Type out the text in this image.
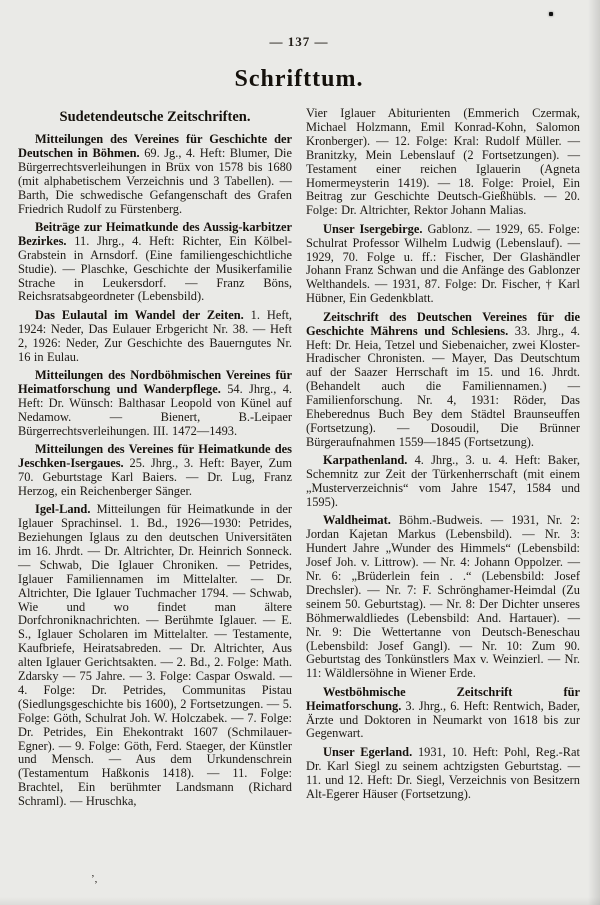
— 137 —
Schrifttum.
Sudetendeutsche Zeitschriften.

Mitteilungen des Vereines für Geschichte der Deutschen in Böhmen. 69. Jg., 4. Heft: Blumer, Die Bürgerrechtsverleihungen in Brüx von 1578 bis 1680 (mit alphabetischem Verzeichnis und 3 Tabellen). — Barth, Die schwedische Gefangenschaft des Grafen Friedrich Rudolf zu Fürstenberg.

Beiträge zur Heimatkunde des Aussig-karbitzer Bezirkes. 11. Jhrg., 4. Heft: Richter, Ein Kölbel-Grabstein in Arnsdorf. (Eine familiengeschichtliche Studie). — Plaschke, Geschichte der Musikerfamilie Strache in Leukersdorf. — Franz Böns, Reichsratsabgeordneter (Lebensbild).

Das Eulautal im Wandel der Zeiten. 1. Heft, 1924: Neder, Das Eulauer Erbgericht Nr. 38. — Heft 2, 1926: Neder, Zur Geschichte des Bauerngutes Nr. 16 in Eulau.

Mitteilungen des Nordböhmischen Vereines für Heimatforschung und Wanderpflege. 54. Jhrg., 4. Heft: Dr. Wünsch: Balthasar Leopold von Künel auf Nedamow. — Bienert, B.-Leipaer Bürgerrechtsverleihungen. III. 1472—1493.

Mitteilungen des Vereines für Heimatkunde des Jeschken-Isergaues. 25. Jhrg., 3. Heft: Bayer, Zum 70. Geburtstage Karl Baiers. — Dr. Lug, Franz Herzog, ein Reichenberger Sänger.

Igel-Land. Mitteilungen für Heimatkunde in der Iglauer Sprachinsel. 1. Bd., 1926—1930: Petrides, Beziehungen Iglaus zu den deutschen Universitäten im 16. Jhrdt. — Dr. Altrichter, Dr. Heinrich Sonneck. — Schwab, Die Iglauer Chroniken. — Petrides, Iglauer Familiennamen im Mittelalter. — Dr. Altrichter, Die Iglauer Tuchmacher 1794. — Schwab, Wie und wo findet man ältere Dorfchroniknachrichten. — Berühmte Iglauer. — E. S., Iglauer Scholaren im Mittelalter. — Testamente, Kaufbriefe, Heiratsabreden. — Dr. Altrichter, Aus alten Iglauer Gerichtsakten. — 2. Bd., 2. Folge: Math. Zdarsky — 75 Jahre. — 3. Folge: Caspar Oswald. — 4. Folge: Dr. Petrides, Communitas Pistau (Siedlungsgeschichte bis 1600), 2 Fortsetzungen. — 5. Folge: Göth, Schulrat Joh. W. Holczabek. — 7. Folge: Dr. Petrides, Ein Ehekontrakt 1607 (Schmilauer-Egner). — 9. Folge: Göth, Ferd. Staeger, der Künstler und Mensch. — Aus dem Urkundenschrein (Testamentum Haßkonis 1418). — 11. Folge: Brachtel, Ein berühmter Landsmann (Richard Schraml). — Hruschka,

Vier Iglauer Abiturienten (Emmerich Czermak, Michael Holzmann, Emil Konrad-Kohn, Salomon Kronberger). — 12. Folge: Kral: Rudolf Müller. — Branitzky, Mein Lebenslauf (2 Fortsetzungen). — Testament einer reichen Iglauerin (Agneta Homermeysterin 1419). — 18. Folge: Proiel, Ein Beitrag zur Geschichte Deutsch-Gießhübls. — 20. Folge: Dr. Altrichter, Rektor Johann Malias.

Unser Isergebirge. Gablonz. — 1929, 65. Folge: Schulrat Professor Wilhelm Ludwig (Lebenslauf). — 1929, 70. Folge u. ff.: Fischer, Der Glashändler Johann Franz Schwan und die Anfänge des Gablonzer Welthandels. — 1931, 87. Folge: Dr. Fischer, † Karl Hübner, Ein Gedenkblatt.

Zeitschrift des Deutschen Vereines für die Geschichte Mährens und Schlesiens. 33. Jhrg., 4. Heft: Dr. Heia, Tetzel und Siebenaicher, zwei Kloster-Hradischer Chronisten. — Mayer, Das Deutschtum auf der Saazer Herrschaft im 15. und 16. Jhrdt. (Behandelt auch die Familiennamen.) — Familienforschung. Nr. 4, 1931: Röder, Das Eheberednus Buch Bey dem Städtel Braunseuffen (Fortsetzung). — Dosoudil, Die Brünner Bürgeraufnahmen 1559—1845 (Fortsetzung).

Karpathenland. 4. Jhrg., 3. u. 4. Heft: Baker, Schemnitz zur Zeit der Türkenherrschaft (mit einem „Musterverzeichnis“ vom Jahre 1547, 1584 und 1595).

Waldheimat. Böhm.-Budweis. — 1931, Nr. 2: Jordan Kajetan Markus (Lebensbild). — Nr. 3: Hundert Jahre „Wunder des Himmels“ (Lebensbild: Josef Joh. v. Littrow). — Nr. 4: Johann Oppolzer. — Nr. 6: „Brüderlein fein . .“ (Lebensbild: Josef Drechsler). — Nr. 7: F. Schrönghamer-Heimdal (Zu seinem 50. Geburtstag). — Nr. 8: Der Dichter unseres Böhmerwaldliedes (Lebensbild: And. Hartauer). — Nr. 9: Die Wettertanne von Deutsch-Beneschau (Lebensbild: Josef Gangl). — Nr. 10: Zum 90. Geburtstag des Tonkünstlers Max v. Weinzierl. — Nr. 11: Wäldlersöhne in Wiener Erde.

Westböhmische Zeitschrift für Heimatforschung. 3. Jhrg., 6. Heft: Rentwich, Bader, Ärzte und Doktoren in Neumarkt von 1618 bis zur Gegenwart.

Unser Egerland. 1931, 10. Heft: Pohl, Reg.-Rat Dr. Karl Siegl zu seinem achtzigsten Geburtstag. — 11. und 12. Heft: Dr. Siegl, Verzeichnis von Besitzern Alt-Egerer Häuser (Fortsetzung).

’,
